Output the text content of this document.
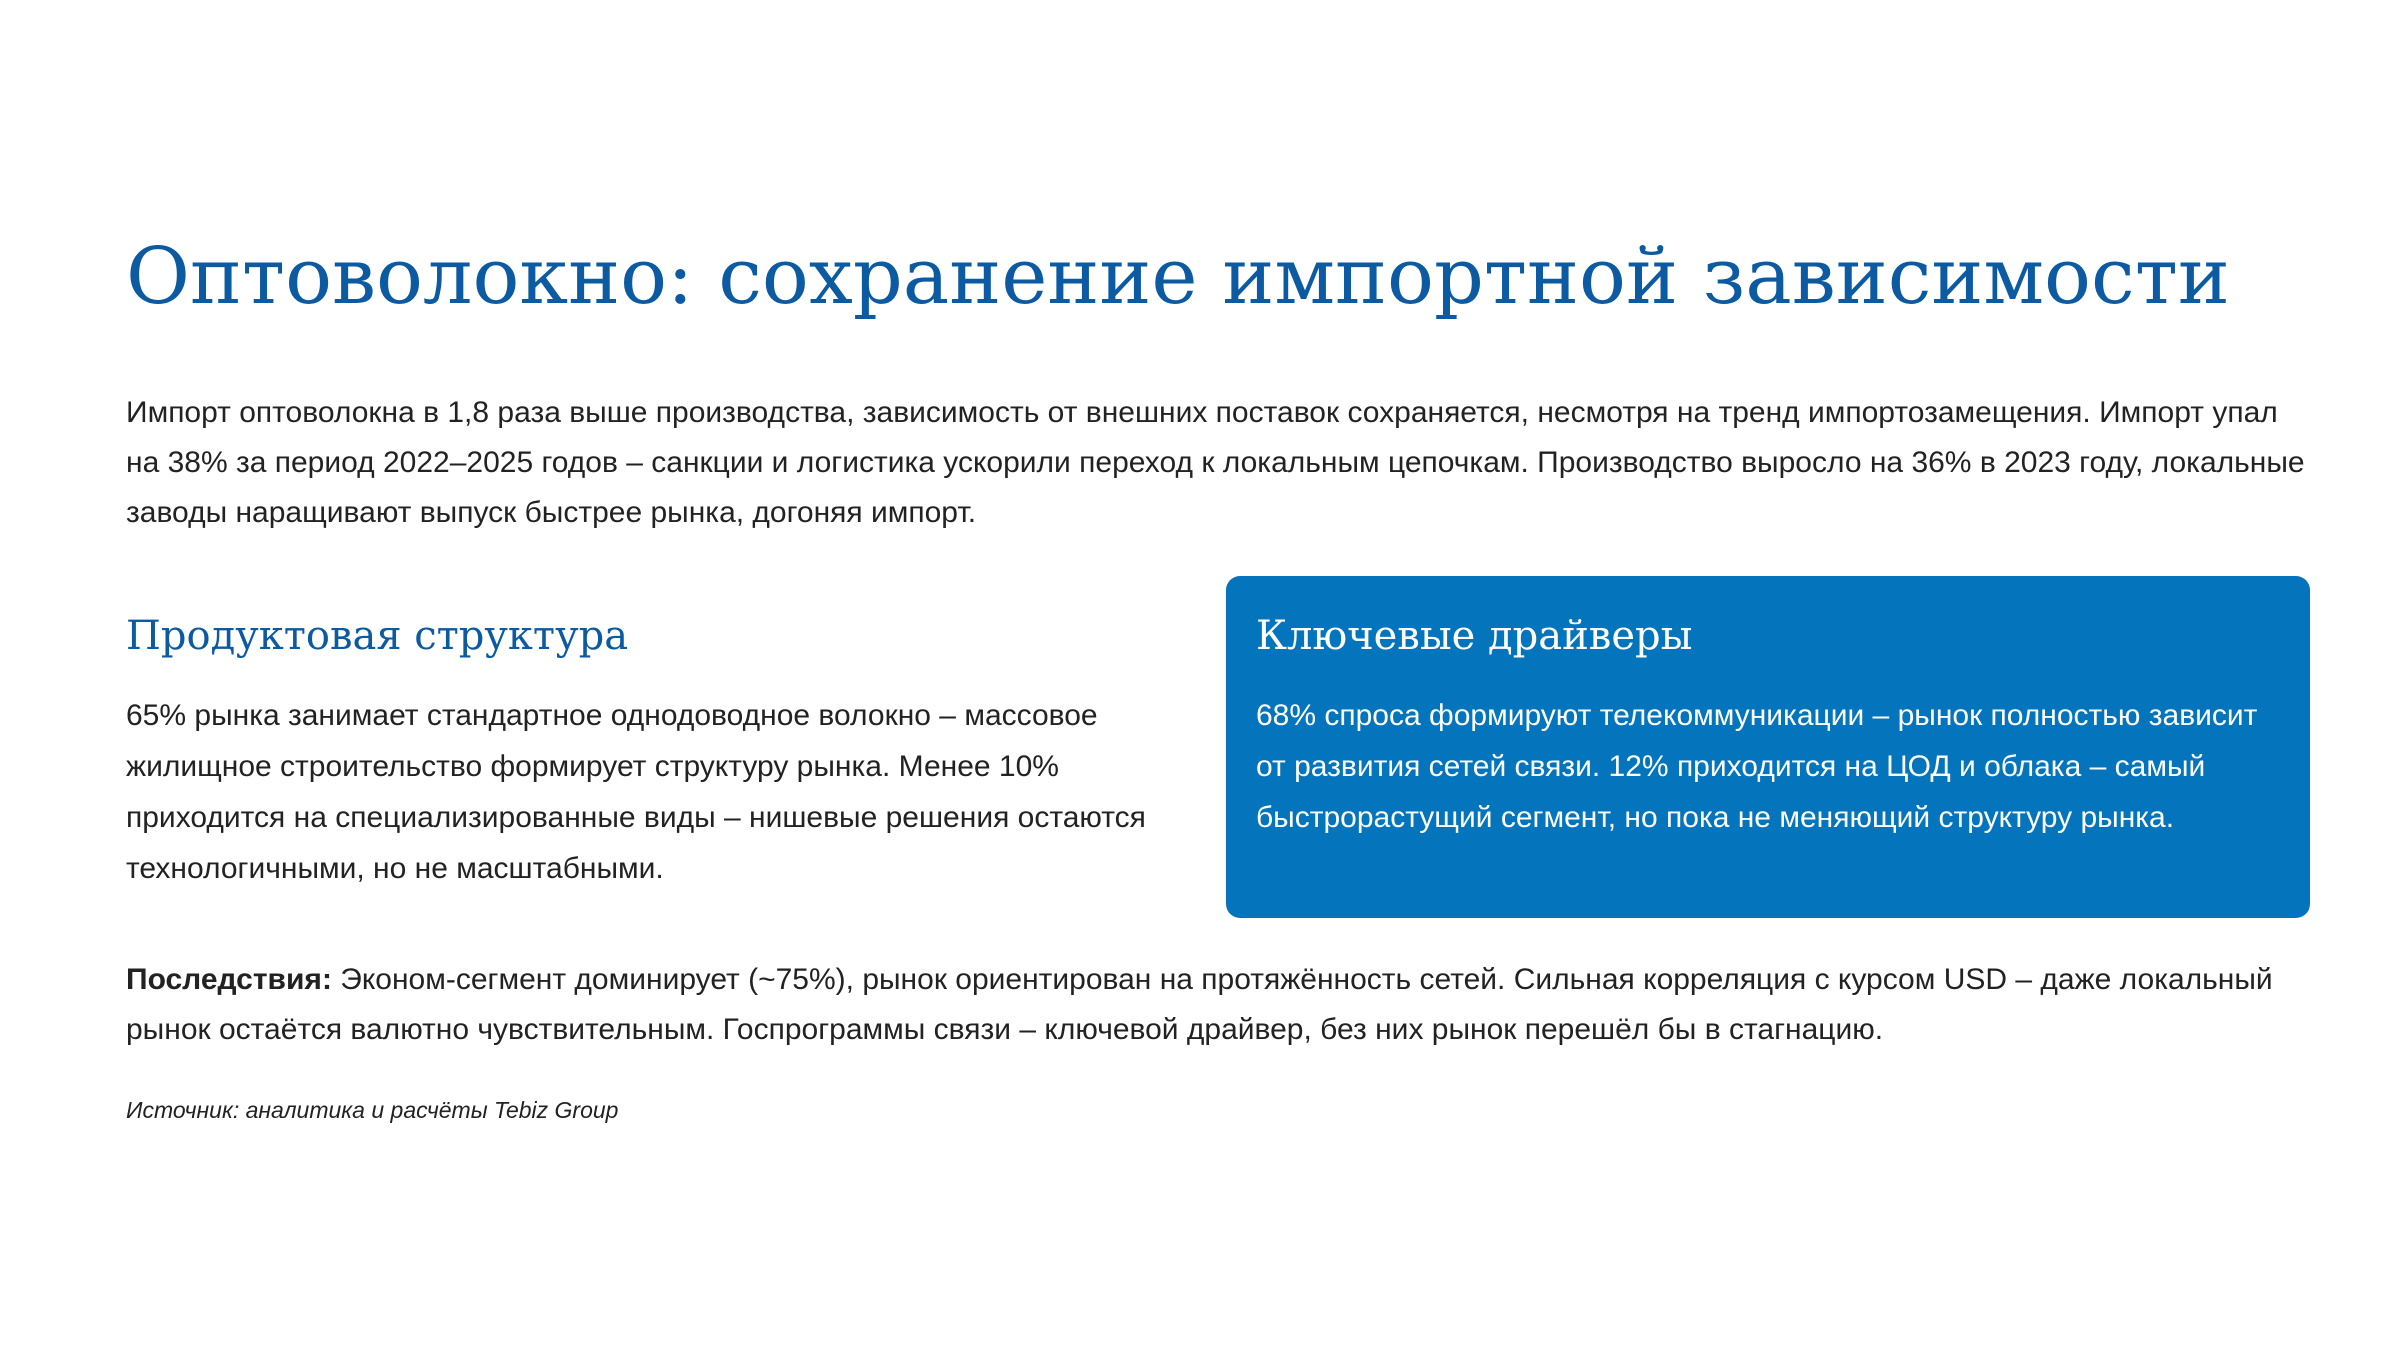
Оптоволокно: сохранение импортной зависимости

Импорт оптоволокна в 1,8 раза выше производства, зависимость от внешних поставок сохраняется, несмотря на тренд импортозамещения. Импорт упал на 38% за период 2022–2025 годов – санкции и логистика ускорили переход к локальным цепочкам. Производство выросло на 36% в 2023 году, локальные заводы наращивают выпуск быстрее рынка, догоняя импорт.

Продуктовая структура

65% рынка занимает стандартное однодоводное волокно – массовое жилищное строительство формирует структуру рынка. Менее 10% приходится на специализированные виды – нишевые решения остаются технологичными, но не масштабными.

Ключевые драйверы

68% спроса формируют телекоммуникации – рынок полностью зависит от развития сетей связи. 12% приходится на ЦОД и облака – самый быстрорастущий сегмент, но пока не меняющий структуру рынка.

Последствия: Эконом-сегмент доминирует (~75%), рынок ориентирован на протяжённость сетей. Сильная корреляция с курсом USD – даже локальный рынок остаётся валютно чувствительным. Госпрограммы связи – ключевой драйвер, без них рынок перешёл бы в стагнацию.

Источник: аналитика и расчёты Tebiz Group
